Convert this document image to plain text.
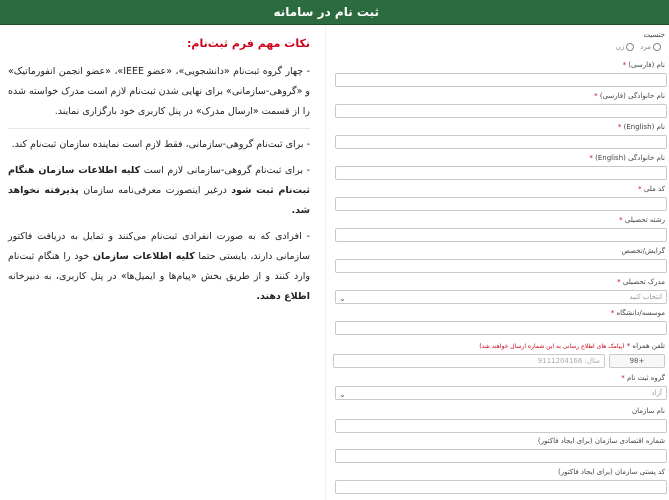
ثبت نام در سامانه
نکات مهم فرم ثبت‌نام:
- چهار گروه ثبت‌نام «دانشجویی»، «عضو IEEE»، «عضو انجمن انفورماتیک» و «گروهی-سازمانی» برای نهایی شدن ثبت‌نام لازم است مدرک خواسته شده را از قسمت «ارسال مدرک» در پنل کاربری خود بارگزاری نمایند.
- برای ثبت‌نام گروهی-سازمانی، فقط لازم است نماینده سازمان ثبت‌نام کند.
- برای ثبت‌نام گروهی-سازمانی لازم است کلیه اطلاعات سازمان هنگام ثبت‌نام ثبت شود درغیر اینصورت معرفی‌نامه سازمان پذیرفته نخواهد شد.
- افرادی که به صورت انفرادی ثبت‌نام می‌کنند و تمایل به دریافت فاکتور سازمانی دارند، بایستی حتما کلیه اطلاعات سازمان خود را هنگام ثبت‌نام وارد کنند و از طریق بخش «پیام‌ها و ایمیل‌ها» در پنل کاربری، به دبیرخانه اطلاع دهند.
جنسیت
مرد
زن
نام (فارسی) *
نام خانوادگی (فارسی) *
نام (English) *
نام خانوادگی (English) *
کد ملی *
رشته تحصیلی *
گرایش/تخصص
مدرک تحصیلی *
انتخاب کنید
⌄
موسسه/دانشگاه *
تلفن همراه * (پیامک های اطلاع رسانی به این شماره ارسال خواهند شد)
مثال: 9111204166	+98
گروه ثبت نام *
آزاد
⌄
نام سازمان
شماره اقتصادی سازمان (برای ایجاد فاکتور)
کد پستی سازمان (برای ایجاد فاکتور)
